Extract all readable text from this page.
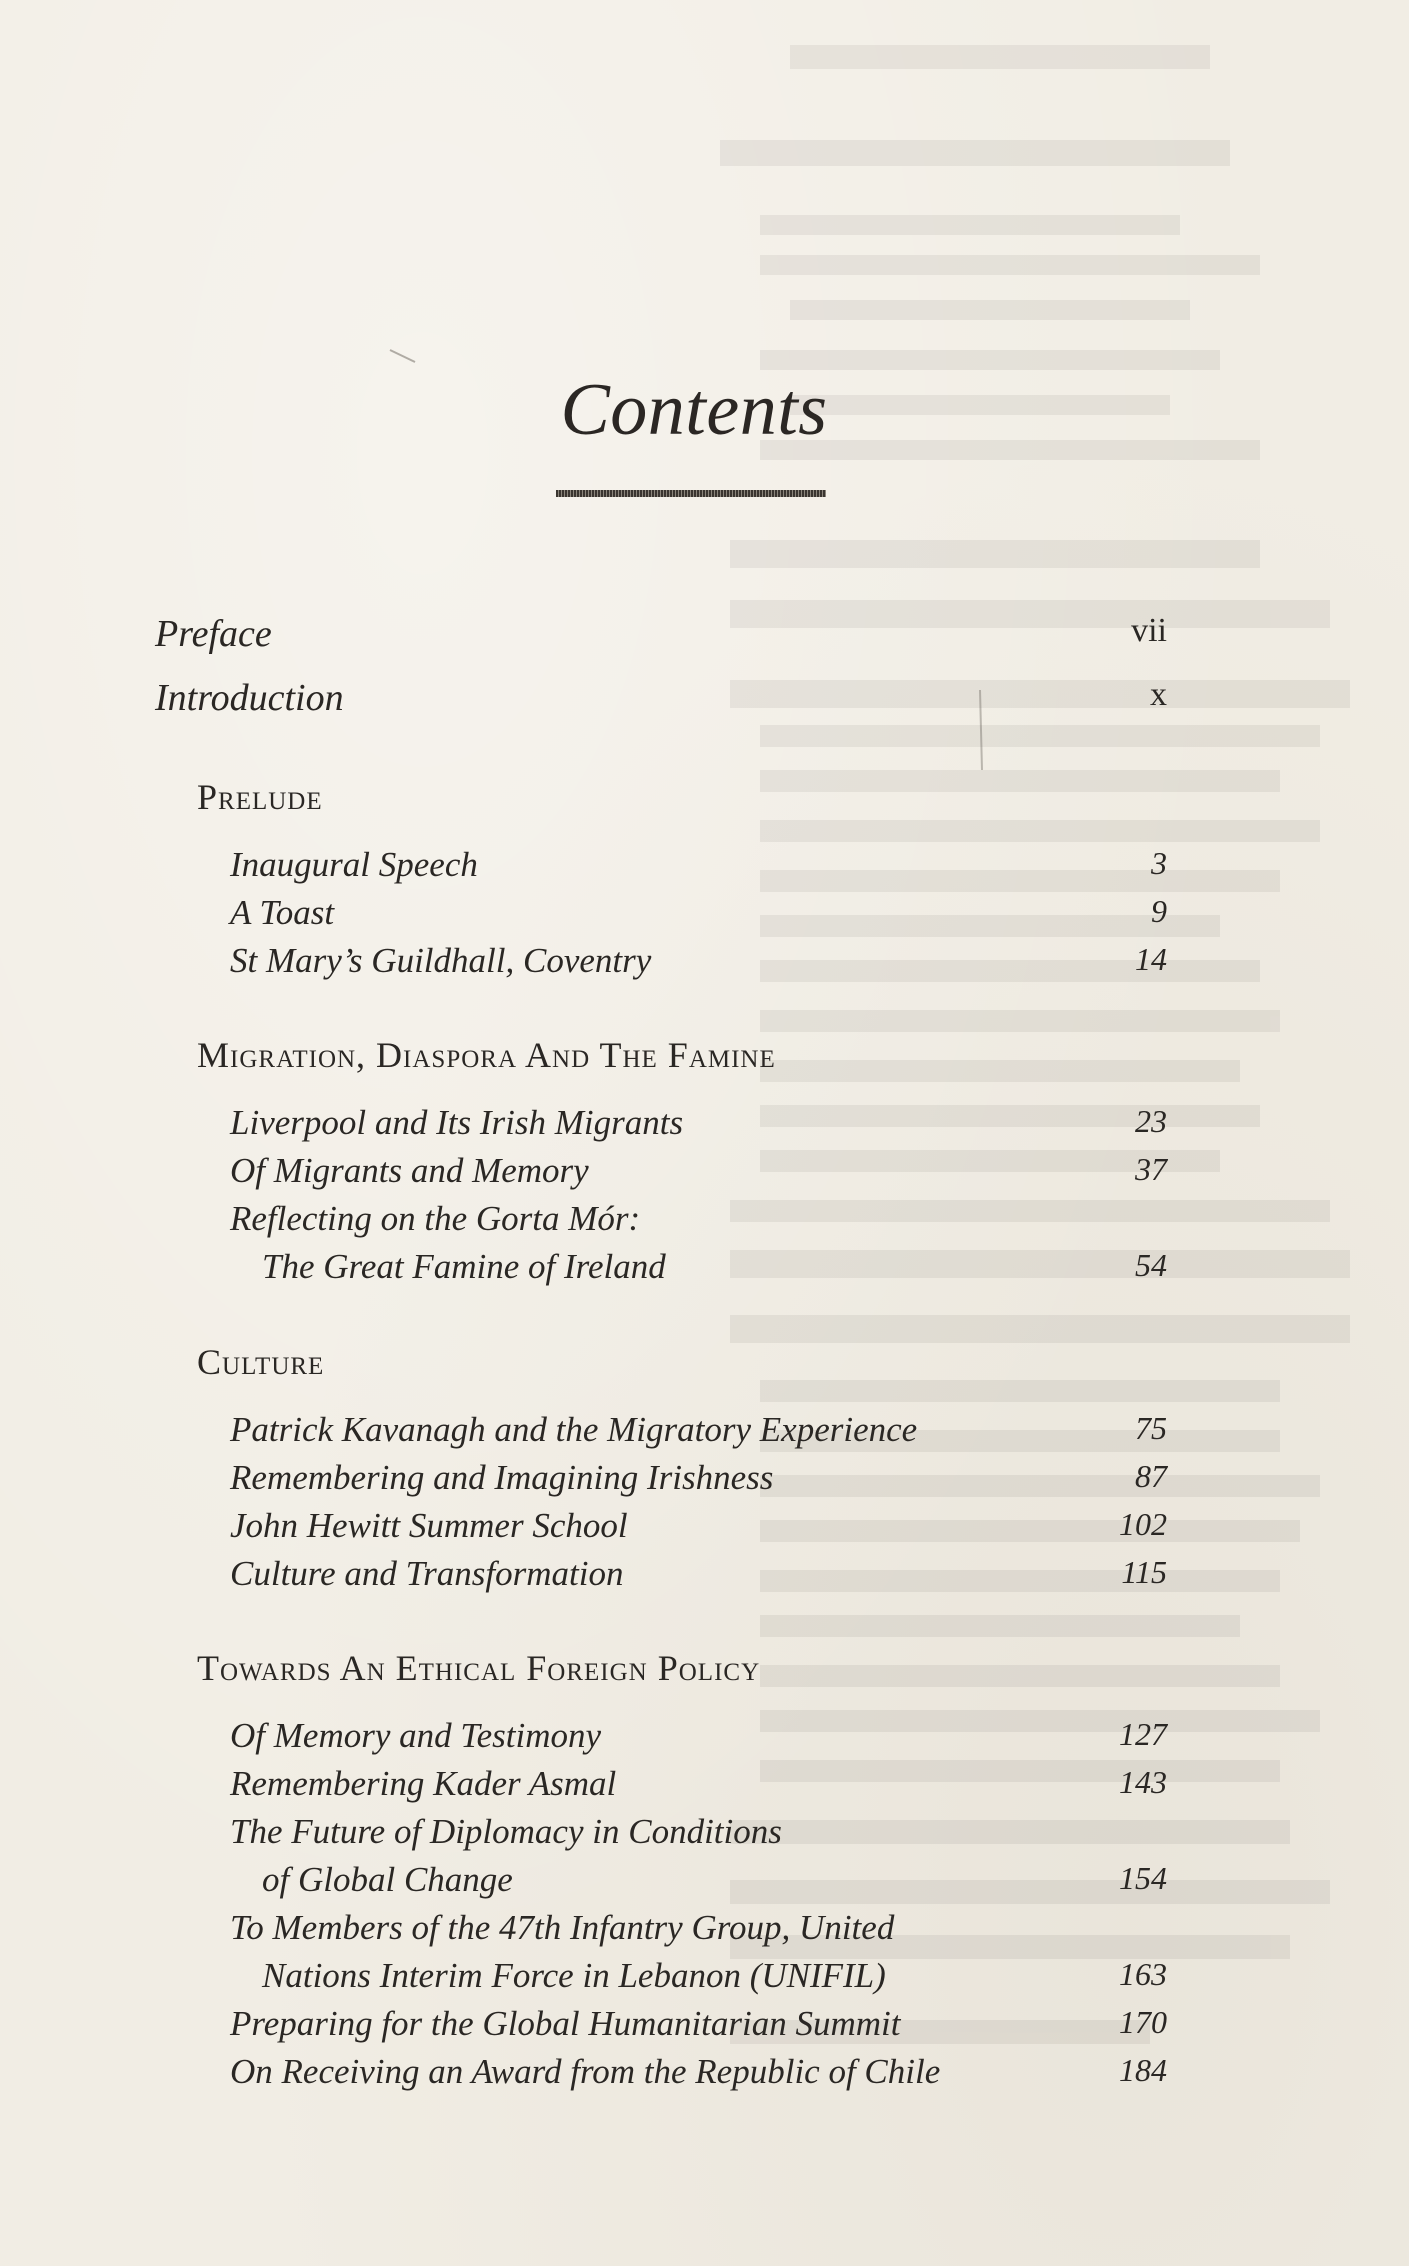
Contents
Preface	vii
Introduction	x
Prelude
Inaugural Speech	3
A Toast	9
St Mary’s Guildhall, Coventry	14
Migration, Diaspora And The Famine
Liverpool and Its Irish Migrants	23
Of Migrants and Memory	37
Reflecting on the Gorta Mór:
The Great Famine of Ireland	54
Culture
Patrick Kavanagh and the Migratory Experience	75
Remembering and Imagining Irishness	87
John Hewitt Summer School	102
Culture and Transformation	115
Towards An Ethical Foreign Policy
Of Memory and Testimony	127
Remembering Kader Asmal	143
The Future of Diplomacy in Conditions
of Global Change	154
To Members of the 47th Infantry Group, United
Nations Interim Force in Lebanon (UNIFIL)	163
Preparing for the Global Humanitarian Summit	170
On Receiving an Award from the Republic of Chile	184
